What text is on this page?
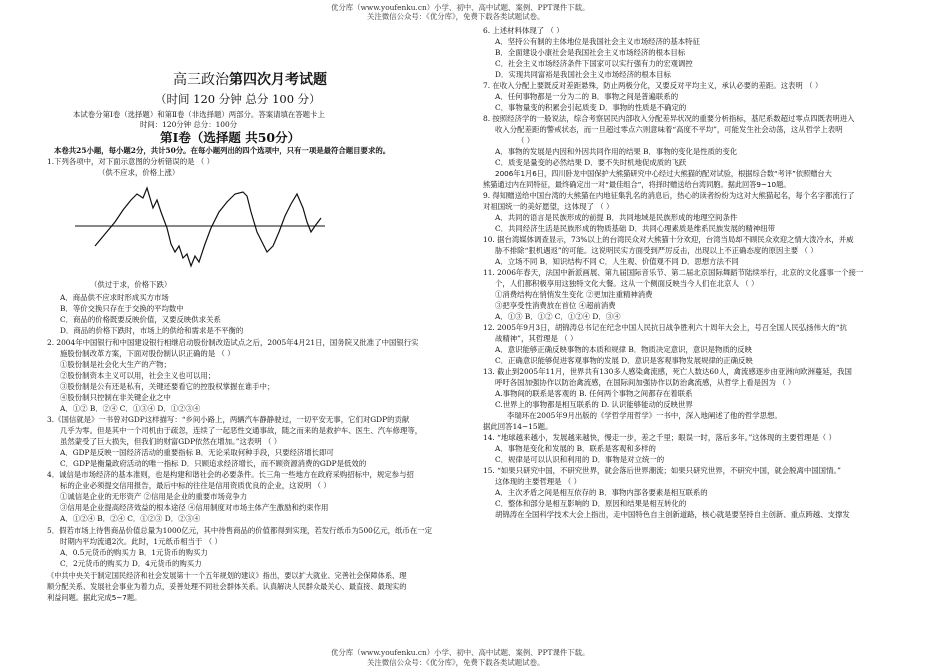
优分库（www.youfenku.cn）小学、初中、高中试题、案例、PPT课件下载。
关注微信公众号：《优分库》，免费下载各类试题试卷。
高三政治第四次月考试题
（时间 120 分钟 总分 100 分）
本试卷分第Ⅰ卷（选择题）和第Ⅱ卷（非选择题）两部分。答案请填在答题卡上
时间：120分钟 总分：100分
第Ⅰ卷（选择题 共50分）
本卷共25小题，每小题2分，共计50分。在每小题列出的四个选项中，只有一项是最符合题目要求的。
1.下列各项中，对下面示意图的分析错误的是 （ ）
（供不应求，价格上涨）
（供过于求，价格下跌）
A．商品供不应求时形成买方市场
B．等价交换只存在于交换的平均数中
C．商品的价格既要反映价值，又要反映供求关系
D．商品的价格下跌时，市场上的供给和需求是不平衡的
2. 2004年中国银行和中国建设银行相继启动股份制改造试点之后，2005年4月21日，国务院又批准了中国银行实
施股份制改革方案，下面对股份制认识正确的是 （ ）
①股份制是社会化大生产的产物；
②股份制资本主义可以用，社会主义也可以用；
③股份制是公有还是私有，关键还要看它的控股权掌握在谁手中；
④股份制只控制在非关键企业之中
A．①② B．②④ C．①③④ D．①②③④
3.《国信就是》一书曾对GDP这样描写：“乡间小路上，两辆汽车静静驶过，一切平安无事，它们对GDP的贡献
几乎为零。但是其中一个司机由于疏忽，连续了一起恶性交通事故，随之而来的是救护车、医生、汽车修理等，
虽然蒙受了巨大损失，但我们的财富GDP依然在增加。”这表明 （ ）
A．GDP是反映一国经济活动的重要指标 B．无论采取何种手段，只要经济增长即可
C．GDP是衡量政府活动的唯一指标 D．只顾追求经济增长，而不顾资源消费的GDP是低效的
4．诚信是市场经济的基本准则，也是构建和谐社会的必要条件。长三角一些地方在政府采购招标中，规定参与招
标的企业必须提交信用报告，最后中标的往往是信用资质优良的企业，这说明 （ ）
①诚信是企业的无形资产 ②信用是企业的重要市场竞争力
③信用是企业提高经济效益的根本途径 ④信用制度对市场主体产生激励和约束作用
A．①②④ B．②④ C．①②③ D．②③④
5．假若市场上待售商品价值总量为1000亿元，其中待售商品的价值都得到实现，若发行纸币为500亿元，纸币在一定
时期内平均流通2次。此时，1元纸币相当于 （ ）
A．0.5元货币的购买力 B．1元货币的购买力
C．2元货币的购买力 D．4元货币的购买力
《中共中央关于制定国民经济和社会发展第十一个五年规划的建议》指出，要以扩大就业、完善社会保障体系、理
顺分配关系、发展社会事业为着力点，妥善处理不同社会群体关系。认真解决人民群众最关心、最直接、最现实的
利益问题。据此完成5~7题。
6. 上述材料体现了 （ ）
A．坚持公有制的主体地位是我国社会主义市场经济的基本特征
B．全面建设小康社会是我国社会主义市场经济的根本目标
C．社会主义市场经济条件下国家可以实行强有力的宏观调控
D．实现共同富裕是我国社会主义市场经济的根本目标
7. 在收入分配上要既反对差距悬殊，防止两极分化，又要反对平均主义，承认必要的差距。这表明 （ ）
A．任何事物都是一分为二的 B．事物之间是普遍联系的
C．事物量变的积累会引起质变 D．事物的性质是不确定的
8. 按照经济学的一般说法，综合考察居民内部收入分配差异状况的重要分析指标，基尼系数超过零点四既表明进入
收入分配差距的警戒状态，而一旦超过零点六则意味着“高度不平均”，可能发生社会动荡，这从哲学上表明
（ ）
A．事物的发展是内因和外因共同作用的结果 B．事物的变化是性质的变化
C．质变是量变的必然结果 D．要不失时机地促成质的飞跃
2006年1月6日，四川卧龙中国保护大熊猫研究中心经过大熊猫的配对试验，根据综合数“考评”依照赠台大
熊猫通过内在同特征，最终确定出一对“最佳组合”，将择时赠送给台湾同胞。据此回答9~10题。
9. 得知赠送给中国台湾的大熊猫在内地征集乳名的消息后，热心的读者纷纷为这对大熊猫起名，每个名字都流行了
对祖国统一的美好愿望，这体现了 （ ）
A．共同的语言是民族形成的前提 B．共同地域是民族形成的地理空间条件
C．共同经济生活是民族形成的物质基础 D．共同心理素质是维系民族发展的精神纽带
10. 据台湾媒体调查显示，73%以上的台湾民众对大熊猫十分欢迎，台湾当局却不顾民众欢迎之情大泼冷水，并威
胁不排除“狠机遇返”的可能。这说明民实方面受到严厉反击，出现以上不正确态度的原因主要 （ ）
A．立场不同 B．知识结构不同 C．人生观、价值观不同 D．思想方法不同
11. 2006年春天，法国中新派画展、第九届国际音乐节、第二届北京国际舞蹈节陆续举行，北京的文化盛事一个接一
个，人们都积极享用这独特文化大餐。这从一个侧面反映当今人们在北京人 （ ）
①消费结构在悄悄发生变化 ②更加注重精神消费
③把享受性消费放在首位 ④超前消费
A．①③ B．①② C．①②④ D．③④
12. 2005年9月3日，胡锦涛总书记在纪念中国人民抗日战争胜利六十周年大会上，号召全国人民弘扬伟大的“抗
战精神”，其哲理是 （ ）
A．意识能够正确反映事物的本质和规律 B．物质决定意识，意识是物质的反映
C．正确意识能够促进客观事物的发展 D．意识是客观事物发展规律的正确反映
13. 截止到2005年11月，世界共有130多人感染禽流感，死亡人数达60人，禽流感逐步由亚洲向欧洲蔓延，我国
呼吁各国加强协作以防治禽流感，在国际间加强协作以防治禽流感，从哲学上看是因为 （ ）
A.事物间的联系是客观的 B. 任何两个事物之间都存在着联系
C.世界上的事物都是相互联系的 D. 认识能够能动的反映世界
李瑞环在2005年9月出版的《学哲学用哲学》一书中，深入地阐述了他的哲学思想。
据此回答14~15题。
14. “地球越来越小，发展越来越快，慢走一步，差之千里；眼误一时，落后多年。”这体现的主要哲理是（ ）
A．事物是变化和发展的 B．联系是客观和多样的
C．规律是可以认识和利用的 D．事物是对立统一的
15. “如果只研究中国，不研究世界，就会落后世界潮流；如果只研究世界，不研究中国，就会脱离中国国情。”
这体现的主要哲理是 （ ）
A．主次矛盾之间是相互依存的 B．事物内部各要素是相互联系的
C．整体和部分是相互影响的 D．原因和结果是相互转化的
胡锦涛在全国科学技术大会上指出，走中国特色自主创新道路，核心就是要坚持自主创新、重点跨越、支撑发
优分库（www.youfenku.cn）小学、初中、高中试题、案例、PPT课件下载。
关注微信公众号：《优分库》，免费下载各类试题试卷。
